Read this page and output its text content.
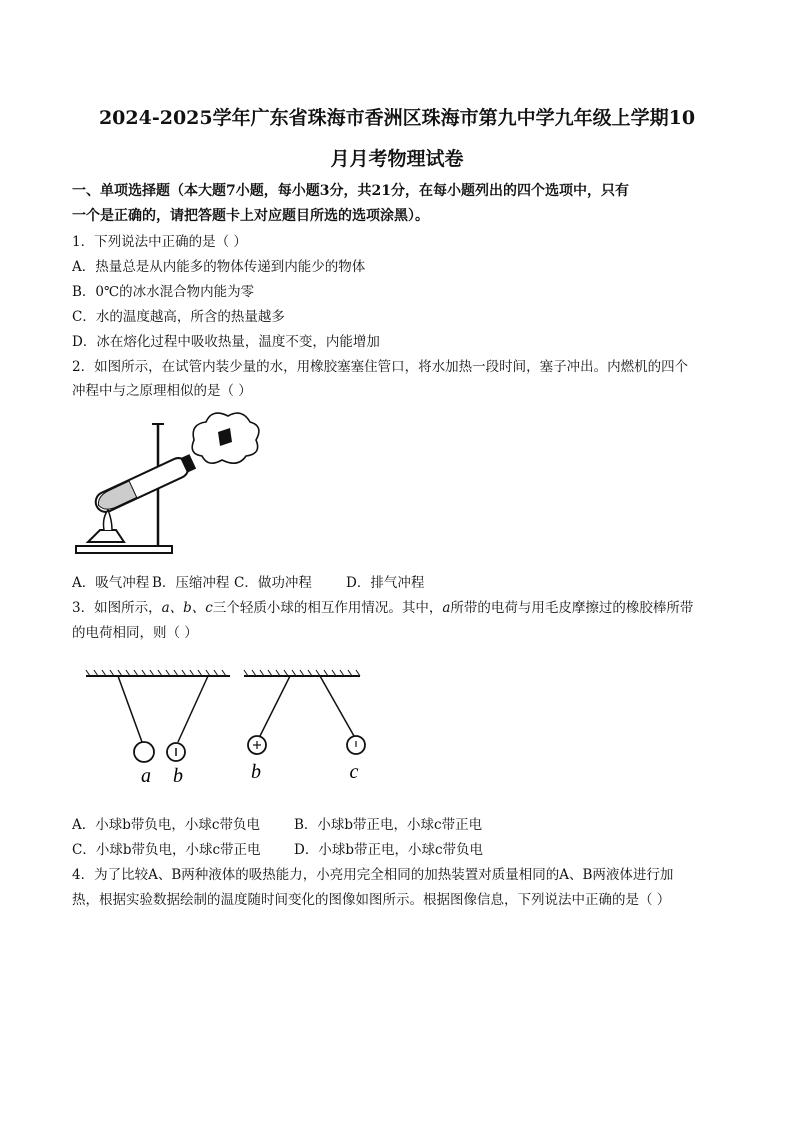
2024-2025学年广东省珠海市香洲区珠海市第九中学九年级上学期10
月月考物理试卷
一、单项选择题（本大题7小题，每小题3分，共21分，在每小题列出的四个选项中，只有
一个是正确的，请把答题卡上对应题目所选的选项涂黑）。
1．下列说法中正确的是（ ）
A．热量总是从内能多的物体传递到内能少的物体
B．0℃的冰水混合物内能为零
C．水的温度越高，所含的热量越多
D．冰在熔化过程中吸收热量，温度不变，内能增加
2．如图所示，在试管内装少量的水，用橡胶塞塞住管口，将水加热一段时间，塞子冲出。内燃机的四个
冲程中与之原理相似的是（ ）
A．吸气冲程 B．压缩冲程 C．做功冲程	D．排气冲程
3．如图所示，a、b、c三个轻质小球的相互作用情况。其中，a所带的电荷与用毛皮摩擦过的橡胶棒所带
的电荷相同，则（ ）
a b	b	c
A．小球b带负电，小球c带负电	B．小球b带正电，小球c带正电
C．小球b带负电，小球c带正电 D．小球b带正电，小球c带负电
4．为了比较A、B两种液体的吸热能力，小亮用完全相同的加热装置对质量相同的A、B两液体进行加
热，根据实验数据绘制的温度随时间变化的图像如图所示。根据图像信息，下列说法中正确的是（ ）
